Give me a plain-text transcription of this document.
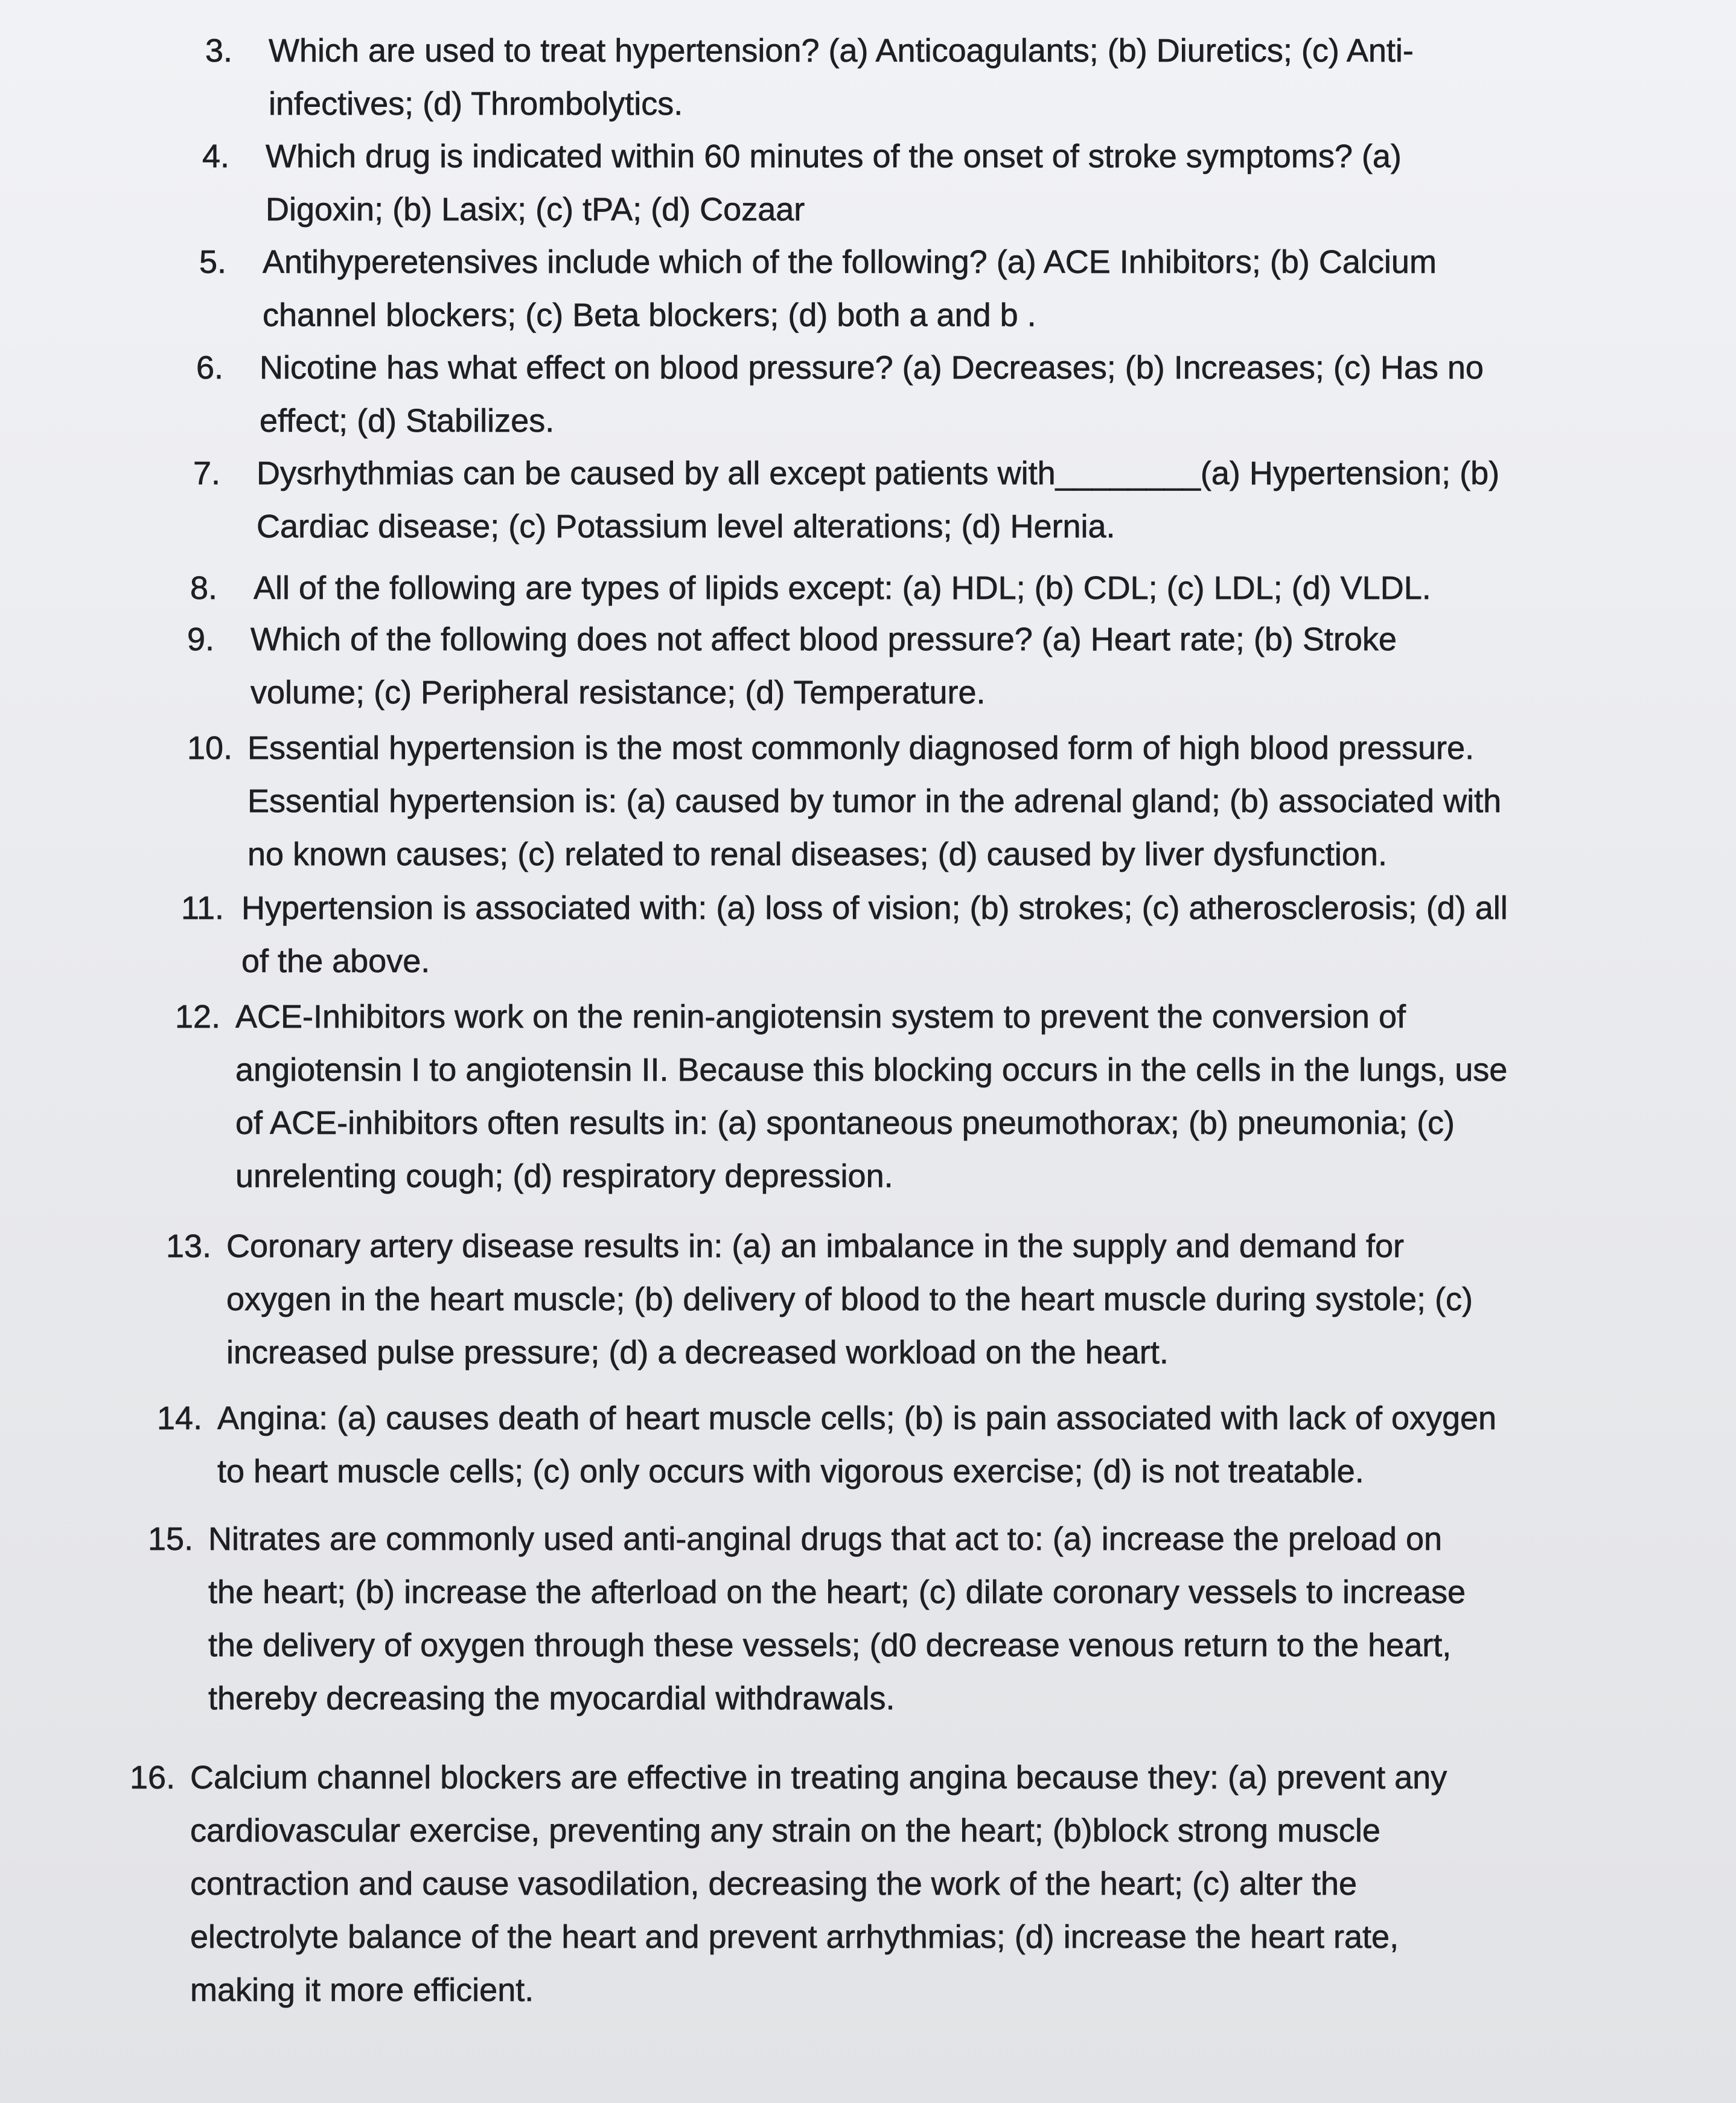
3. Which are used to treat hypertension? (a) Anticoagulants; (b) Diuretics; (c) Anti-
infectives; (d) Thrombolytics.
4. Which drug is indicated within 60 minutes of the onset of stroke symptoms? (a)
Digoxin; (b) Lasix; (c) tPA; (d) Cozaar
5. Antihyperetensives include which of the following? (a) ACE Inhibitors; (b) Calcium
channel blockers; (c) Beta blockers; (d) both a and b .
6. Nicotine has what effect on blood pressure? (a) Decreases; (b) Increases; (c) Has no
effect; (d) Stabilizes.
7. Dysrhythmias can be caused by all except patients with________(a) Hypertension; (b)
Cardiac disease; (c) Potassium level alterations; (d) Hernia.
8. All of the following are types of lipids except: (a) HDL; (b) CDL; (c) LDL; (d) VLDL.
9. Which of the following does not affect blood pressure? (a) Heart rate; (b) Stroke
volume; (c) Peripheral resistance; (d) Temperature.
10. Essential hypertension is the most commonly diagnosed form of high blood pressure.
Essential hypertension is: (a) caused by tumor in the adrenal gland; (b) associated with
no known causes; (c) related to renal diseases; (d) caused by liver dysfunction.
11. Hypertension is associated with: (a) loss of vision; (b) strokes; (c) atherosclerosis; (d) all
of the above.
12. ACE-Inhibitors work on the renin-angiotensin system to prevent the conversion of
angiotensin I to angiotensin II. Because this blocking occurs in the cells in the lungs, use
of ACE-inhibitors often results in: (a) spontaneous pneumothorax; (b) pneumonia; (c)
unrelenting cough; (d) respiratory depression.
13. Coronary artery disease results in: (a) an imbalance in the supply and demand for
oxygen in the heart muscle; (b) delivery of blood to the heart muscle during systole; (c)
increased pulse pressure; (d) a decreased workload on the heart.
14. Angina: (a) causes death of heart muscle cells; (b) is pain associated with lack of oxygen
to heart muscle cells; (c) only occurs with vigorous exercise; (d) is not treatable.
15. Nitrates are commonly used anti-anginal drugs that act to: (a) increase the preload on
the heart; (b) increase the afterload on the heart; (c) dilate coronary vessels to increase
the delivery of oxygen through these vessels; (d0 decrease venous return to the heart,
thereby decreasing the myocardial withdrawals.
16. Calcium channel blockers are effective in treating angina because they: (a) prevent any
cardiovascular exercise, preventing any strain on the heart; (b)block strong muscle
contraction and cause vasodilation, decreasing the work of the heart; (c) alter the
electrolyte balance of the heart and prevent arrhythmias; (d) increase the heart rate,
making it more efficient.
